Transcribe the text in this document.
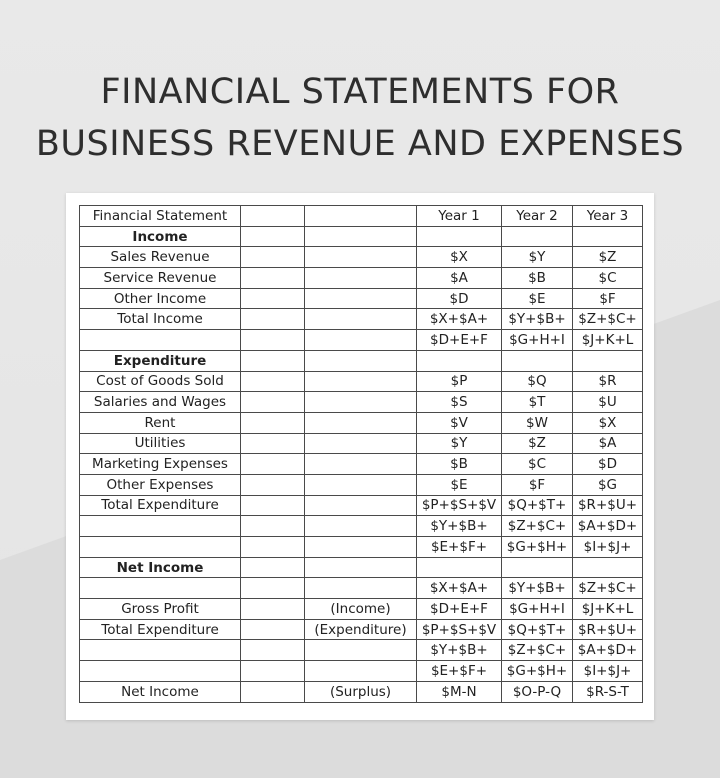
FINANCIAL STATEMENTS FOR
BUSINESS REVENUE AND EXPENSES
Financial Statement			Year 1	Year 2	Year 3
Income					
Sales Revenue			$X	$Y	$Z
Service Revenue			$A	$B	$C
Other Income			$D	$E	$F
Total Income			$X+$A+	$Y+$B+	$Z+$C+
			$D+E+F	$G+H+I	$J+K+L
Expenditure					
Cost of Goods Sold			$P	$Q	$R
Salaries and Wages			$S	$T	$U
Rent			$V	$W	$X
Utilities			$Y	$Z	$A
Marketing Expenses			$B	$C	$D
Other Expenses			$E	$F	$G
Total Expenditure			$P+$S+$V	$Q+$T+	$R+$U+
			$Y+$B+	$Z+$C+	$A+$D+
			$E+$F+	$G+$H+	$I+$J+
Net Income					
			$X+$A+	$Y+$B+	$Z+$C+
Gross Profit		(Income)	$D+E+F	$G+H+I	$J+K+L
Total Expenditure		(Expenditure)	$P+$S+$V	$Q+$T+	$R+$U+
			$Y+$B+	$Z+$C+	$A+$D+
			$E+$F+	$G+$H+	$I+$J+
Net Income		(Surplus)	$M-N	$O-P-Q	$R-S-T
